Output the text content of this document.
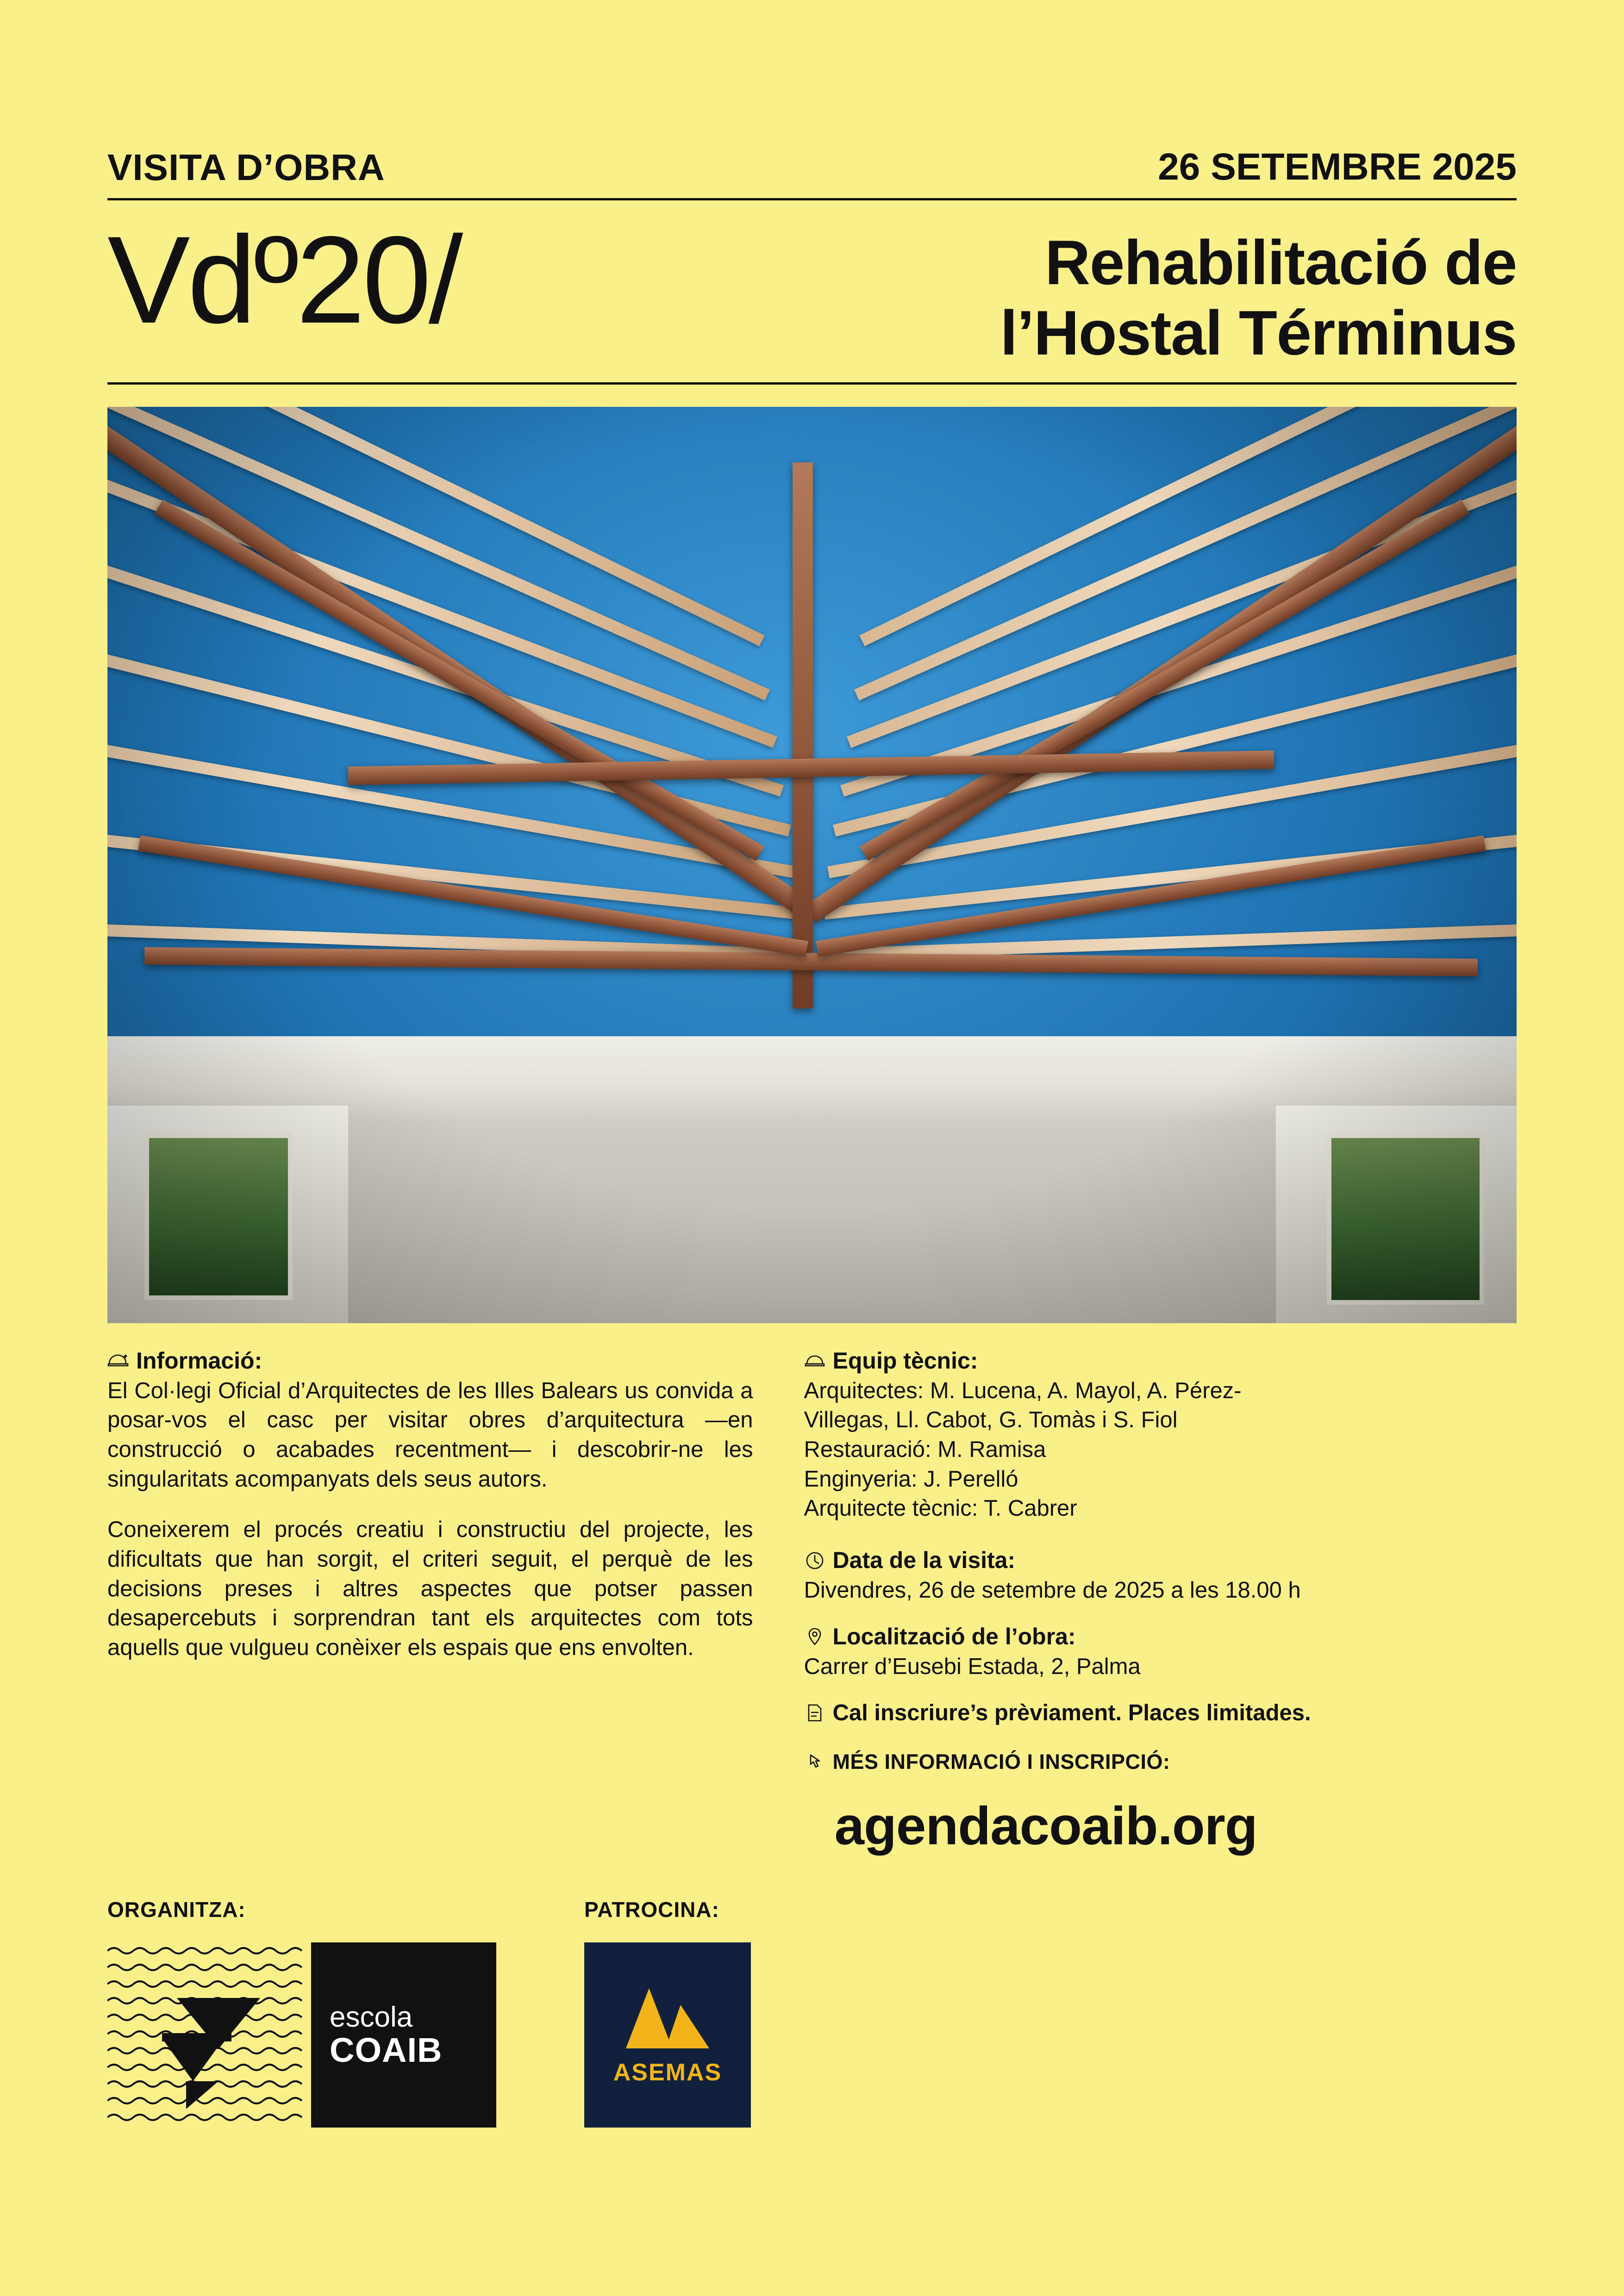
VISITA D’OBRA	26 SETEMBRE 2025
Vdº20/	Rehabilitació de
l’Hostal Términus
Informació:

El Col·legi Oficial d’Arquitectes de les Illes Balears us convida a posar-vos el casc per visitar obres d’arquitectura —en construcció o acabades recentment— i descobrir-ne les singularitats acompanyats dels seus autors.

Coneixerem el procés creatiu i constructiu del projecte, les dificultats que han sorgit, el criteri seguit, el perquè de les decisions preses i altres aspectes que potser passen desapercebuts i sorprendran tant els arquitectes com tots aquells que vulgueu conèixer els espais que ens envolten.

Equip tècnic:

Arquitectes: M. Lucena, A. Mayol, A. Pérez-

Villegas, Ll. Cabot, G. Tomàs i S. Fiol

Restauració: M. Ramisa

Enginyeria: J. Perelló

Arquitecte tècnic: T. Cabrer

Data de la visita:

Divendres, 26 de setembre de 2025 a les 18.00 h

Localització de l’obra:

Carrer d’Eusebi Estada, 2, Palma

Cal inscriure’s prèviament. Places limitades.
MÉS INFORMACIÓ I INSCRIPCIÓ:
agendacoaib.org
ORGANITZA:	PATROCINA:
escola
COAIB
ASEMAS
